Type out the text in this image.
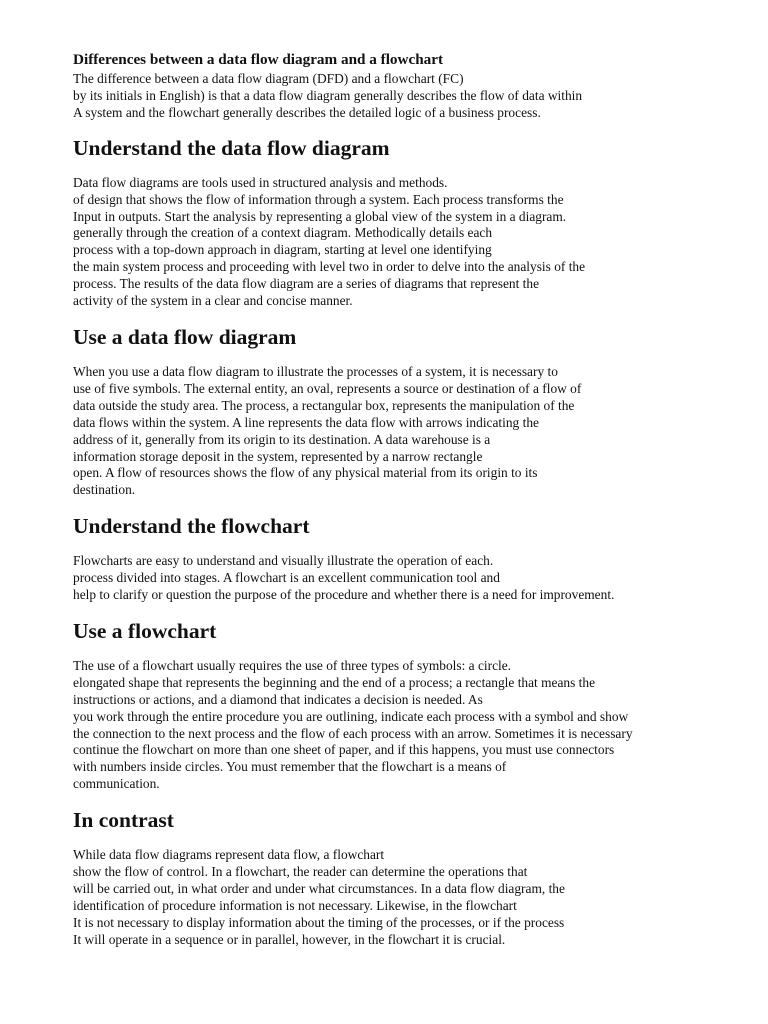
Differences between a data flow diagram and a flowchart
The difference between a data flow diagram (DFD) and a flowchart (FC)
by its initials in English) is that a data flow diagram generally describes the flow of data within
A system and the flowchart generally describes the detailed logic of a business process.
Understand the data flow diagram
Data flow diagrams are tools used in structured analysis and methods.
of design that shows the flow of information through a system. Each process transforms the
Input in outputs. Start the analysis by representing a global view of the system in a diagram.
generally through the creation of a context diagram. Methodically details each
process with a top-down approach in diagram, starting at level one identifying
the main system process and proceeding with level two in order to delve into the analysis of the
process. The results of the data flow diagram are a series of diagrams that represent the
activity of the system in a clear and concise manner.
Use a data flow diagram
When you use a data flow diagram to illustrate the processes of a system, it is necessary to
use of five symbols. The external entity, an oval, represents a source or destination of a flow of
data outside the study area. The process, a rectangular box, represents the manipulation of the
data flows within the system. A line represents the data flow with arrows indicating the
address of it, generally from its origin to its destination. A data warehouse is a
information storage deposit in the system, represented by a narrow rectangle
open. A flow of resources shows the flow of any physical material from its origin to its
destination.
Understand the flowchart
Flowcharts are easy to understand and visually illustrate the operation of each.
process divided into stages. A flowchart is an excellent communication tool and
help to clarify or question the purpose of the procedure and whether there is a need for improvement.
Use a flowchart
The use of a flowchart usually requires the use of three types of symbols: a circle.
elongated shape that represents the beginning and the end of a process; a rectangle that means the
instructions or actions, and a diamond that indicates a decision is needed. As
you work through the entire procedure you are outlining, indicate each process with a symbol and show
the connection to the next process and the flow of each process with an arrow. Sometimes it is necessary
continue the flowchart on more than one sheet of paper, and if this happens, you must use connectors
with numbers inside circles. You must remember that the flowchart is a means of
communication.
In contrast
While data flow diagrams represent data flow, a flowchart
show the flow of control. In a flowchart, the reader can determine the operations that
will be carried out, in what order and under what circumstances. In a data flow diagram, the
identification of procedure information is not necessary. Likewise, in the flowchart
It is not necessary to display information about the timing of the processes, or if the process
It will operate in a sequence or in parallel, however, in the flowchart it is crucial.
